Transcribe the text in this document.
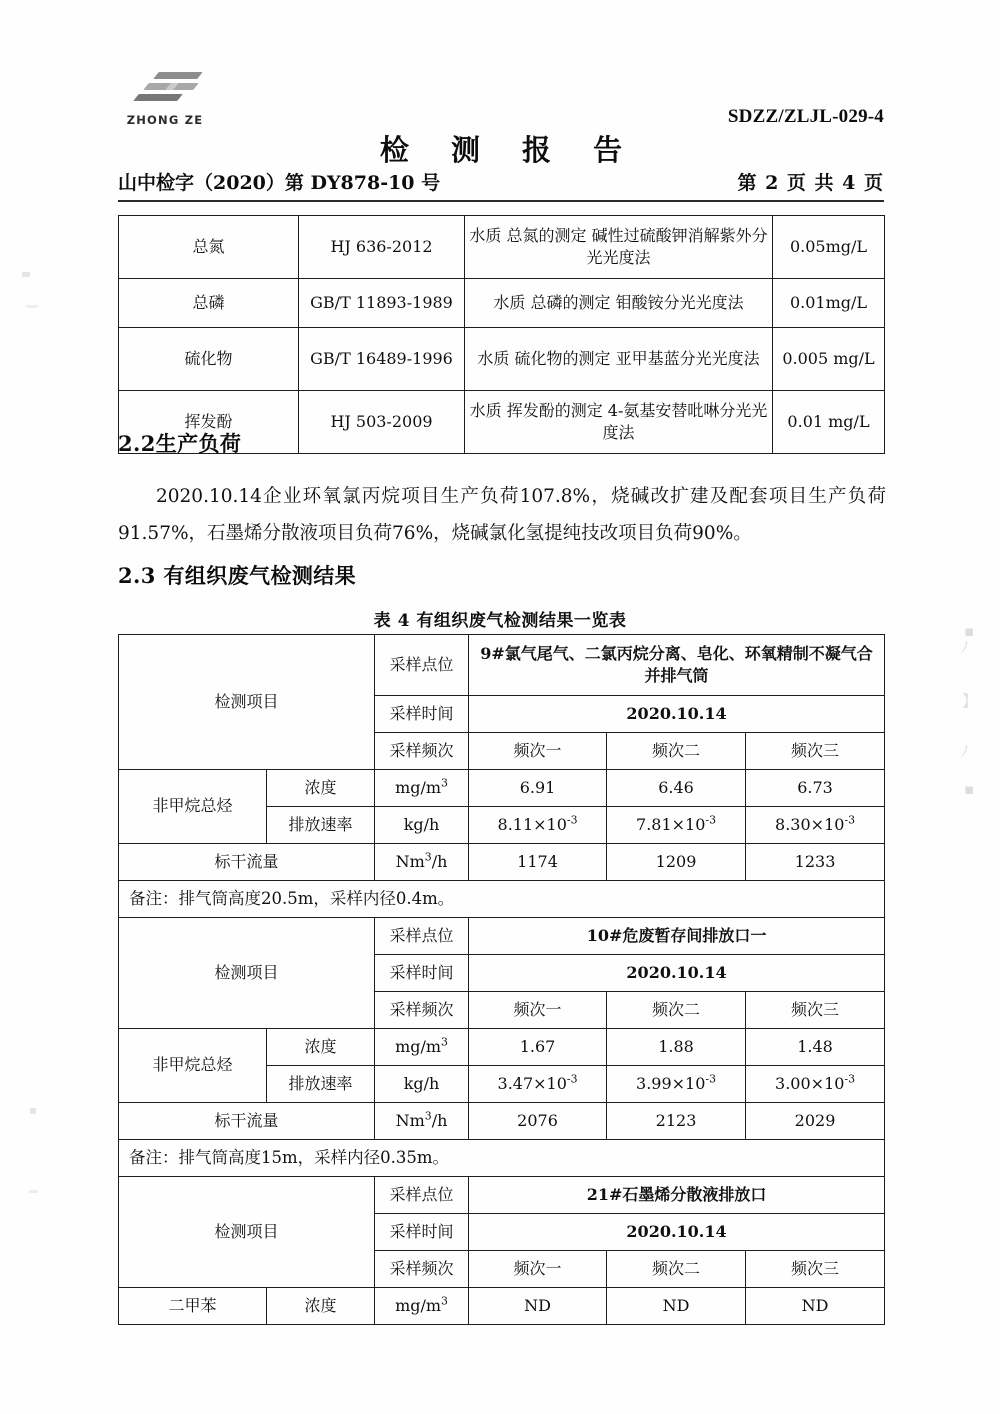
ZHONG ZE	SDZZ/ZLJL-029-4
检 测 报 告
山中检字（2020）第 DY878-10 号	第 2 页 共 4 页
总氮	HJ 636-2012	水质 总氮的测定 碱性过硫酸钾消解紫外分光光度法	0.05mg/L
总磷	GB/T 11893-1989	水质 总磷的测定 钼酸铵分光光度法	0.01mg/L
硫化物	GB/T 16489-1996	水质 硫化物的测定 亚甲基蓝分光光度法	0.005 mg/L
挥发酚	HJ 503-2009	水质 挥发酚的测定 4-氨基安替吡啉分光光度法	0.01 mg/L
2.2生产负荷
2020.10.14企业环氧氯丙烷项目生产负荷107.8%，烧碱改扩建及配套项目生产负荷91.57%，石墨烯分散液项目负荷76%，烧碱氯化氢提纯技改项目负荷90%。
2.3 有组织废气检测结果
表 4 有组织废气检测结果一览表
检测项目		采样点位	9#氯气尾气、二氯丙烷分离、皂化、环氧精制不凝气合并排气筒		
		采样时间	2020.10.14		
		采样频次	频次一	频次二	频次三
非甲烷总烃	浓度	$mg/m^3$	6.91	6.46	6.73
	排放速率	kg/h	$8.11\times 10^{-3}$	$7.81\times 10^{-3}$	$8.30\times 10^{-3}$
标干流量		Nm$^3$/h	1174	1209	1233
备注：排气筒高度20.5m，采样内径0.4m。					
检测项目		采样点位	10#危废暂存间排放口一		
		采样时间	2020.10.14		
		采样频次	频次一	频次二	频次三
非甲烷总烃	浓度	$mg/m^3$	1.67	1.88	1.48
	排放速率	kg/h	$3.47\times 10^{-3}$	$3.99\times 10^{-3}$	$3.00\times 10^{-3}$
标干流量		Nm$^3$/h	2076	2123	2029
备注：排气筒高度15m，采样内径0.35m。					
检测项目		采样点位	21#石墨烯分散液排放口		
		采样时间	2020.10.14		
		采样频次	频次一	频次二	频次三
二甲苯	浓度	$mg/m^3$	ND	ND	ND
▪
ﾉ
】
ﾉ
▪
